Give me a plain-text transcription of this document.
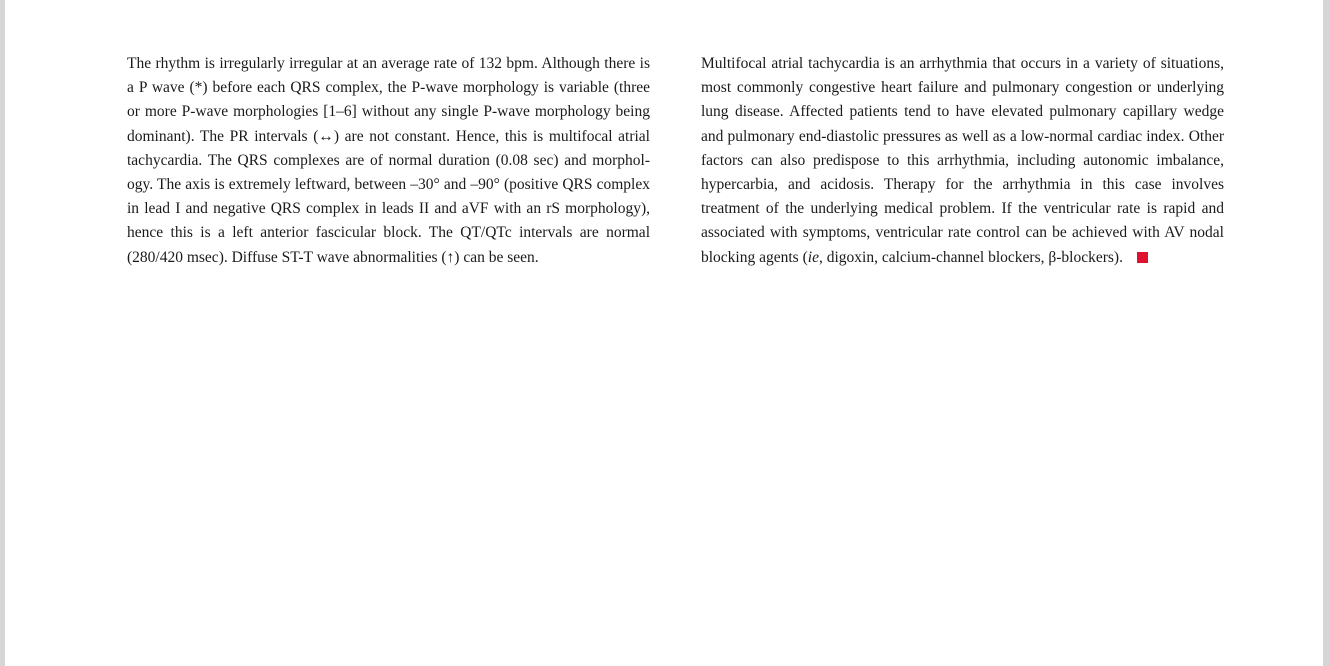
The rhythm is irregularly irregular at an average rate of 132 bpm. Although there is a P wave (*) before each QRS complex, the P-wave morphology is variable (three or more P-wave morphologies [1–6] without any single P-wave morphology being dominant). The PR intervals (↔) are not constant. Hence, this is multifocal atrial tachycardia. The QRS complexes are of normal duration (0.08 sec) and morphology. The axis is extremely leftward, between –30° and –90° (positive QRS complex in lead I and negative QRS complex in leads II and aVF with an rS morphology), hence this is a left anterior fascicular block. The QT/QTc intervals are normal (280/420 msec). Diffuse ST-T wave abnormalities (↑) can be seen.

Multifocal atrial tachycardia is an arrhythmia that occurs in a variety of situations, most commonly congestive heart failure and pulmonary congestion or underlying lung disease. Affected patients tend to have elevated pulmonary capillary wedge and pulmonary end-diastolic pressures as well as a low-normal cardiac index. Other factors can also predispose to this arrhythmia, including autonomic imbalance, hypercarbia, and acidosis. Therapy for the arrhythmia in this case involves treatment of the underlying medical problem. If the ventricular rate is rapid and associated with symptoms, ventricular rate control can be achieved with AV nodal blocking agents (ie, digoxin, calcium-channel blockers, β-blockers).
